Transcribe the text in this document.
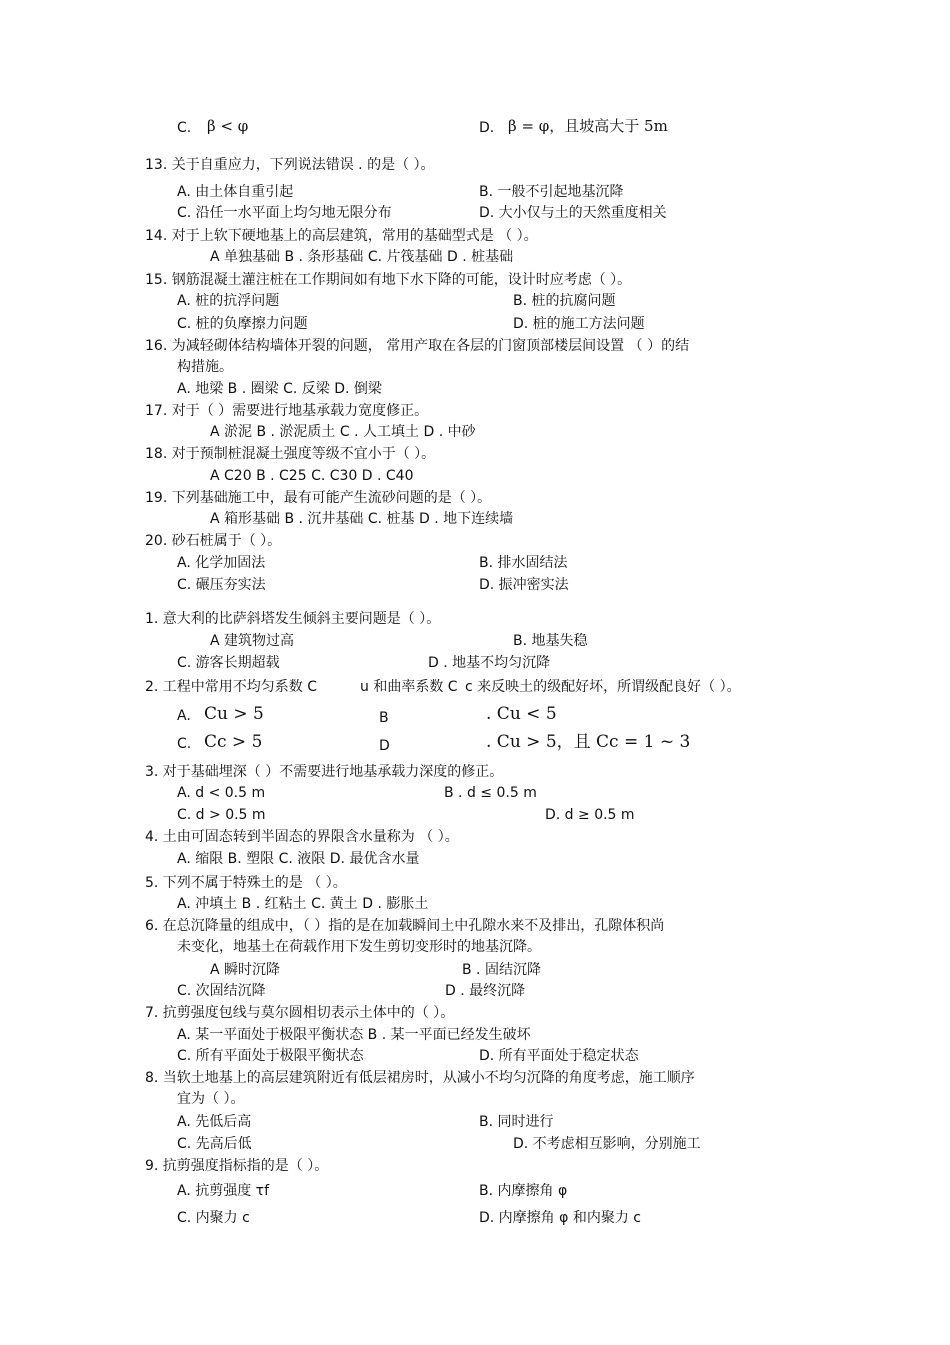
C. β < φ	D. β = φ，且坡高大于 5m
13. 关于自重应力，下列说法错误 . 的是（ ）。
A. 由土体自重引起	B. 一般不引起地基沉降
C. 沿任一水平面上均匀地无限分布	D. 大小仅与土的天然重度相关
14. 对于上软下硬地基上的高层建筑，常用的基础型式是 （ ）。
A 单独基础 B . 条形基础 C. 片筏基础 D . 桩基础
15. 钢筋混凝土灌注桩在工作期间如有地下水下降的可能，设计时应考虑（ ）。
A. 桩的抗浮问题	B. 桩的抗腐问题
C. 桩的负摩擦力问题	D. 桩的施工方法问题
16. 为减轻砌体结构墙体开裂的问题， 常用产取在各层的门窗顶部楼层间设置 （ ）的结
构措施。
A. 地梁 B . 圈梁 C. 反梁 D. 倒梁
17. 对于（ ）需要进行地基承载力宽度修正。
A 淤泥 B . 淤泥质土 C . 人工填土 D . 中砂
18. 对于预制桩混凝土强度等级不宜小于（ ）。
A C20 B . C25 C. C30 D . C40
19. 下列基础施工中，最有可能产生流砂问题的是（ ）。
A 箱形基础 B . 沉井基础 C. 桩基 D . 地下连续墙
20. 砂石桩属于（ ）。
A. 化学加固法	B. 排水固结法
C. 碾压夯实法	D. 振冲密实法
1. 意大利的比萨斜塔发生倾斜主要问题是（ ）。
A 建筑物过高	B. 地基失稳
C. 游客长期超载	D . 地基不均匀沉降
2. 工程中常用不均匀系数 C	u 和曲率系数 C c 来反映土的级配好坏，所谓级配良好（ ）。
A. Cu > 5	B	. Cu < 5
C. Cc > 5	D	. Cu > 5，且 Cc = 1 ~ 3
3. 对于基础埋深（ ）不需要进行地基承载力深度的修正。
A. d < 0.5 m	B . d ≤ 0.5 m
C. d > 0.5 m	D. d ≥ 0.5 m
4. 土由可固态转到半固态的界限含水量称为 （ ）。
A. 缩限 B. 塑限 C. 液限 D. 最优含水量
5. 下列不属于特殊土的是 （ ）。
A. 冲填土 B . 红粘土 C. 黄土 D . 膨胀土
6. 在总沉降量的组成中，（ ）指的是在加载瞬间土中孔隙水来不及排出，孔隙体积尚
未变化，地基土在荷载作用下发生剪切变形时的地基沉降。
A 瞬时沉降	B . 固结沉降
C. 次固结沉降	D . 最终沉降
7. 抗剪强度包线与莫尔圆相切表示土体中的（ ）。
A. 某一平面处于极限平衡状态 B . 某一平面已经发生破坏
C. 所有平面处于极限平衡状态	D. 所有平面处于稳定状态
8. 当软土地基上的高层建筑附近有低层裙房时，从减小不均匀沉降的角度考虑，施工顺序
宜为（ ）。
A. 先低后高	B. 同时进行
C. 先高后低	D. 不考虑相互影响，分别施工
9. 抗剪强度指标指的是（ ）。
A. 抗剪强度 τf	B. 内摩擦角 φ
C. 内聚力 c	D. 内摩擦角 φ 和内聚力 c
